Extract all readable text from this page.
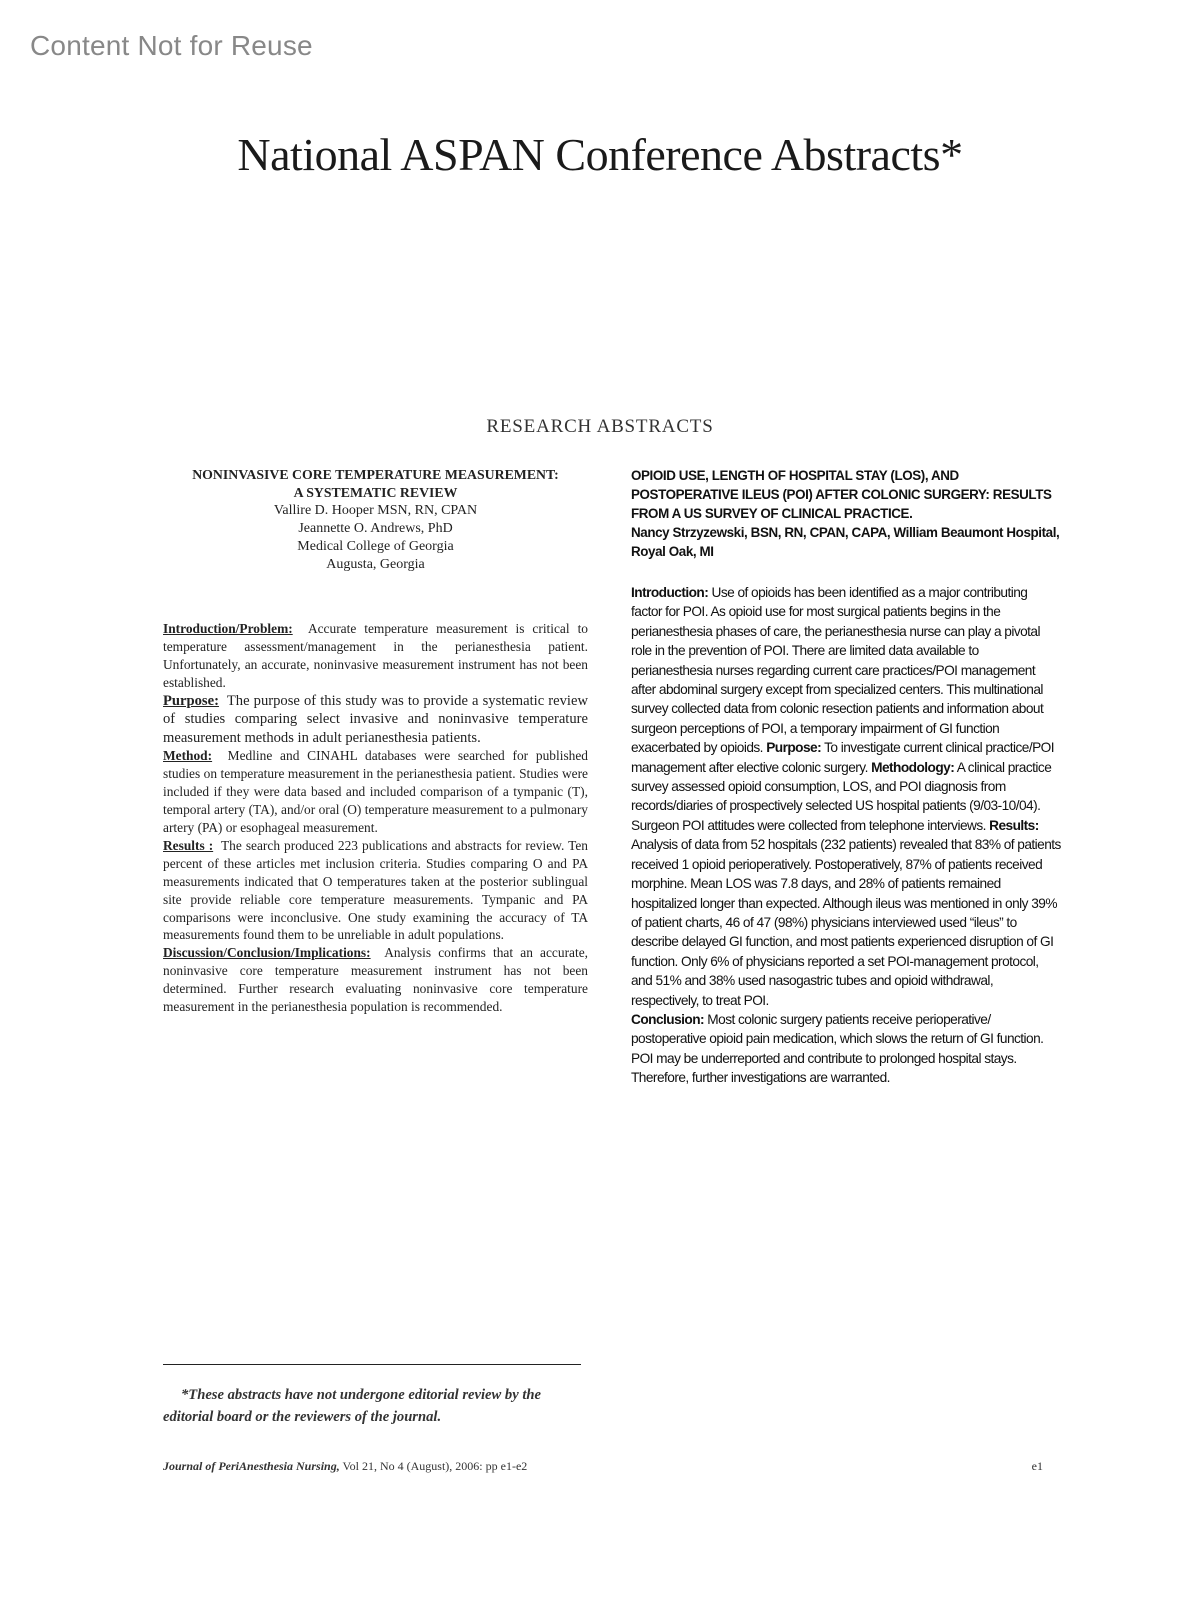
Content Not for Reuse
National ASPAN Conference Abstracts*
RESEARCH ABSTRACTS
NONINVASIVE CORE TEMPERATURE MEASUREMENT:
A SYSTEMATIC REVIEW
Vallire D. Hooper MSN, RN, CPAN
Jeannette O. Andrews, PhD
Medical College of Georgia
Augusta, Georgia

Introduction/Problem: Accurate temperature measurement is critical to temperature assessment/management in the perianesthesia patient. Unfortunately, an accurate, noninvasive measurement instrument has not been established.

Purpose: The purpose of this study was to provide a systematic review of studies comparing select invasive and noninvasive temperature measurement methods in adult perianesthesia patients.

Method: Medline and CINAHL databases were searched for published studies on temperature measurement in the perianesthesia patient. Studies were included if they were data based and included comparison of a tympanic (T), temporal artery (TA), and/or oral (O) temperature measurement to a pulmonary artery (PA) or esophageal measurement.

Results : The search produced 223 publications and abstracts for review. Ten percent of these articles met inclusion criteria. Studies comparing O and PA measurements indicated that O temperatures taken at the posterior sublingual site provide reliable core temperature measurements. Tympanic and PA comparisons were inconclusive. One study examining the accuracy of TA measurements found them to be unreliable in adult populations.

Discussion/Conclusion/Implications: Analysis confirms that an accurate, noninvasive core temperature measurement instrument has not been determined. Further research evaluating noninvasive core temperature measurement in the perianesthesia population is recommended.

OPIOID USE, LENGTH OF HOSPITAL STAY (LOS), AND POSTOPERATIVE ILEUS (POI) AFTER COLONIC SURGERY: RESULTS FROM A US SURVEY OF CLINICAL PRACTICE.
Nancy Strzyzewski, BSN, RN, CPAN, CAPA, William Beaumont Hospital, Royal Oak, MI
Introduction: Use of opioids has been identified as a major contributing factor for POI. As opioid use for most surgical patients begins in the perianesthesia phases of care, the perianesthesia nurse can play a pivotal role in the prevention of POI. There are limited data available to perianesthesia nurses regarding current care practices/POI management after abdominal surgery except from specialized centers. This multinational survey collected data from colonic resection patients and information about surgeon perceptions of POI, a temporary impairment of GI function exacerbated by opioids. Purpose: To investigate current clinical practice/POI management after elective colonic surgery. Methodology: A clinical practice survey assessed opioid consumption, LOS, and POI diagnosis from records/diaries of prospectively selected US hospital patients (9/03-10/04). Surgeon POI attitudes were collected from telephone interviews. Results: Analysis of data from 52 hospitals (232 patients) revealed that 83% of patients received 1 opioid perioperatively. Postoperatively, 87% of patients received morphine. Mean LOS was 7.8 days, and 28% of patients remained hospitalized longer than expected. Although ileus was mentioned in only 39% of patient charts, 46 of 47 (98%) physicians interviewed used “ileus” to describe delayed GI function, and most patients experienced disruption of GI function. Only 6% of physicians reported a set POI-management protocol, and 51% and 38% used nasogastric tubes and opioid withdrawal, respectively, to treat POI.
Conclusion: Most colonic surgery patients receive perioperative/ postoperative opioid pain medication, which slows the return of GI function. POI may be underreported and contribute to prolonged hospital stays. Therefore, further investigations are warranted.
*These abstracts have not undergone editorial review by the editorial board or the reviewers of the journal.
Journal of PeriAnesthesia Nursing, Vol 21, No 4 (August), 2006: pp e1-e2	e1
